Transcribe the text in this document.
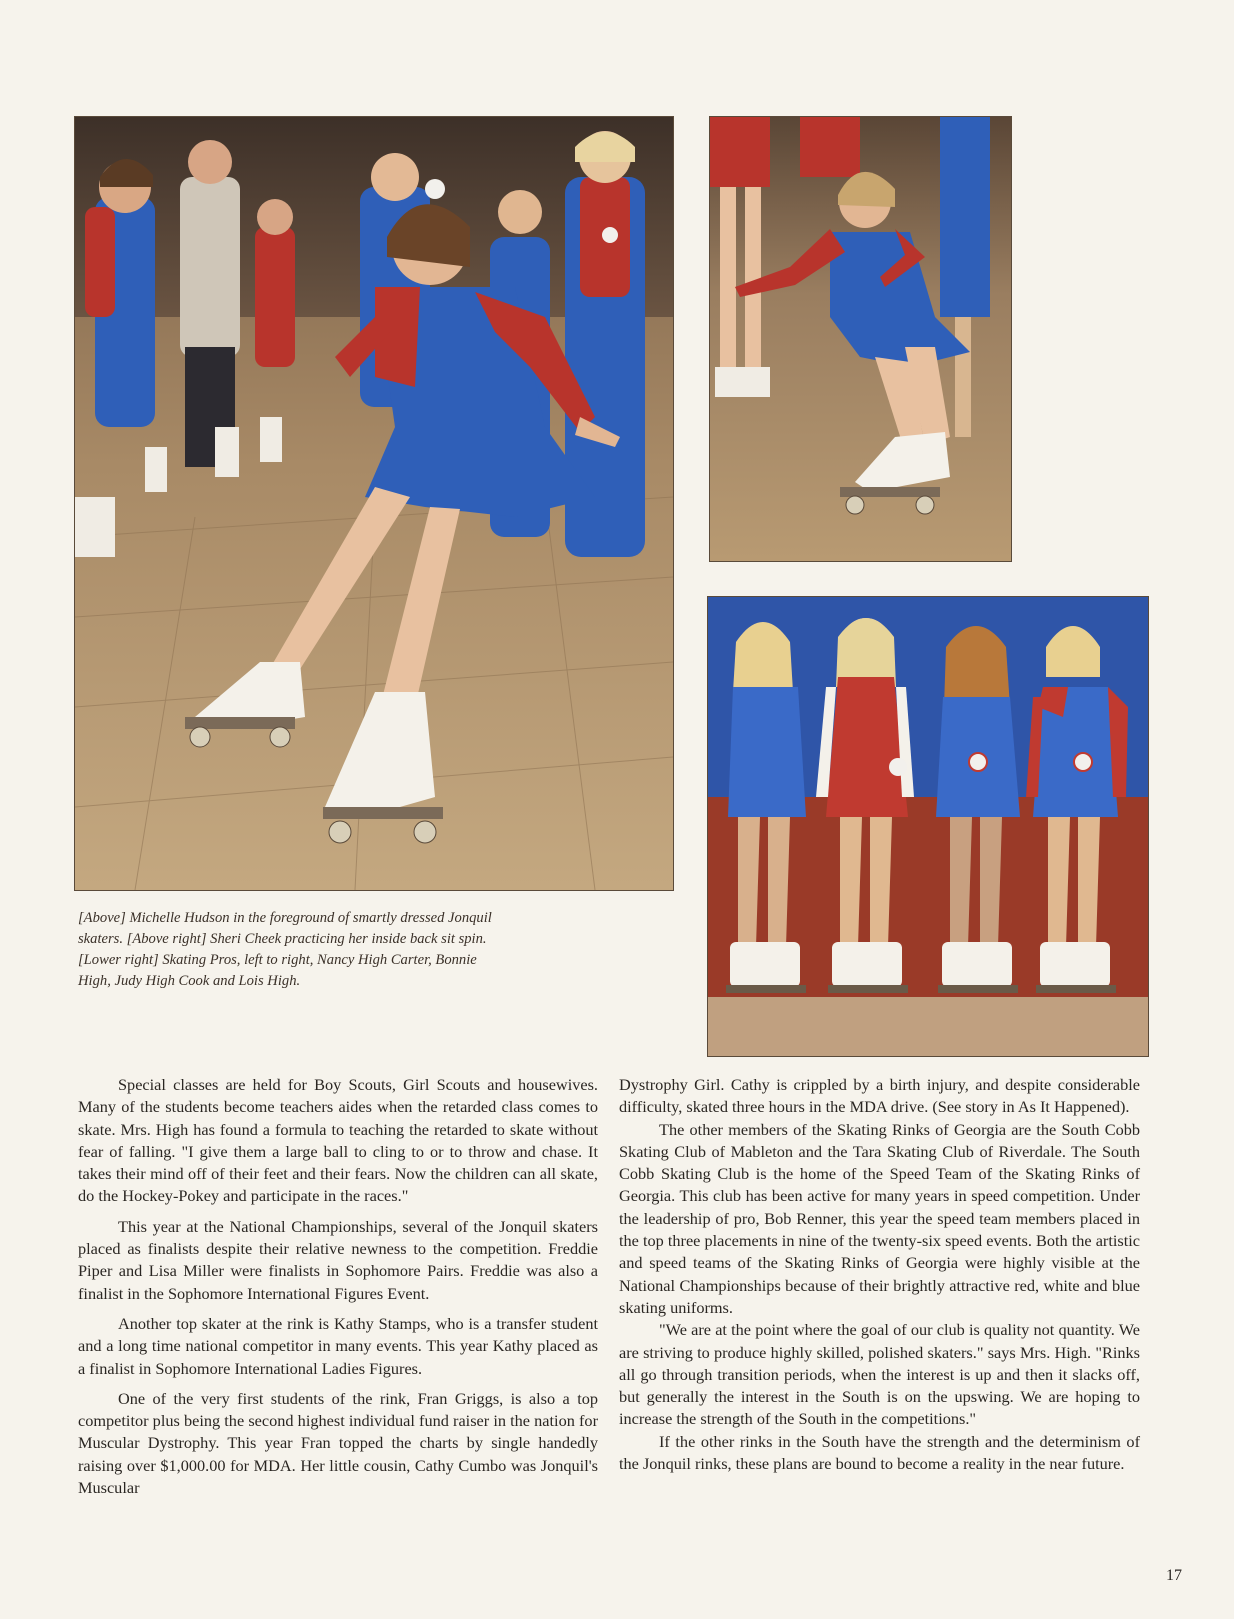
[Above] Michelle Hudson in the foreground of smartly dressed Jonquil

skaters. [Above right] Sheri Cheek practicing her inside back sit spin.

[Lower right] Skating Pros, left to right, Nancy High Carter, Bonnie

High, Judy High Cook and Lois High.

Special classes are held for Boy Scouts, Girl Scouts and housewives. Many of the students become teachers aides when the retarded class comes to skate. Mrs. High has found a formula to teaching the retarded to skate without fear of falling. "I give them a large ball to cling to or to throw and chase. It takes their mind off of their feet and their fears. Now the children can all skate, do the Hockey-Pokey and participate in the races."

This year at the National Championships, several of the Jonquil skaters placed as finalists despite their relative newness to the competition. Freddie Piper and Lisa Miller were finalists in Sophomore Pairs. Freddie was also a finalist in the Sophomore International Figures Event.

Another top skater at the rink is Kathy Stamps, who is a transfer student and a long time national competitor in many events. This year Kathy placed as a finalist in Sophomore International Ladies Figures.

One of the very first students of the rink, Fran Griggs, is also a top competitor plus being the second highest individual fund raiser in the nation for Muscular Dystrophy. This year Fran topped the charts by single handedly raising over $1,000.00 for MDA. Her little cousin, Cathy Cumbo was Jonquil's Muscular

Dystrophy Girl. Cathy is crippled by a birth injury, and despite considerable difficulty, skated three hours in the MDA drive. (See story in As It Happened).

The other members of the Skating Rinks of Georgia are the South Cobb Skating Club of Mableton and the Tara Skating Club of Riverdale. The South Cobb Skating Club is the home of the Speed Team of the Skating Rinks of Georgia. This club has been active for many years in speed competition. Under the leadership of pro, Bob Renner, this year the speed team members placed in the top three placements in nine of the twenty-six speed events. Both the artistic and speed teams of the Skating Rinks of Georgia were highly visible at the National Championships because of their brightly attractive red, white and blue skating uniforms.

"We are at the point where the goal of our club is quality not quantity. We are striving to produce highly skilled, polished skaters." says Mrs. High. "Rinks all go through transition periods, when the interest is up and then it slacks off, but generally the interest in the South is on the upswing. We are hoping to increase the strength of the South in the competitions."

If the other rinks in the South have the strength and the determinism of the Jonquil rinks, these plans are bound to become a reality in the near future.

17
